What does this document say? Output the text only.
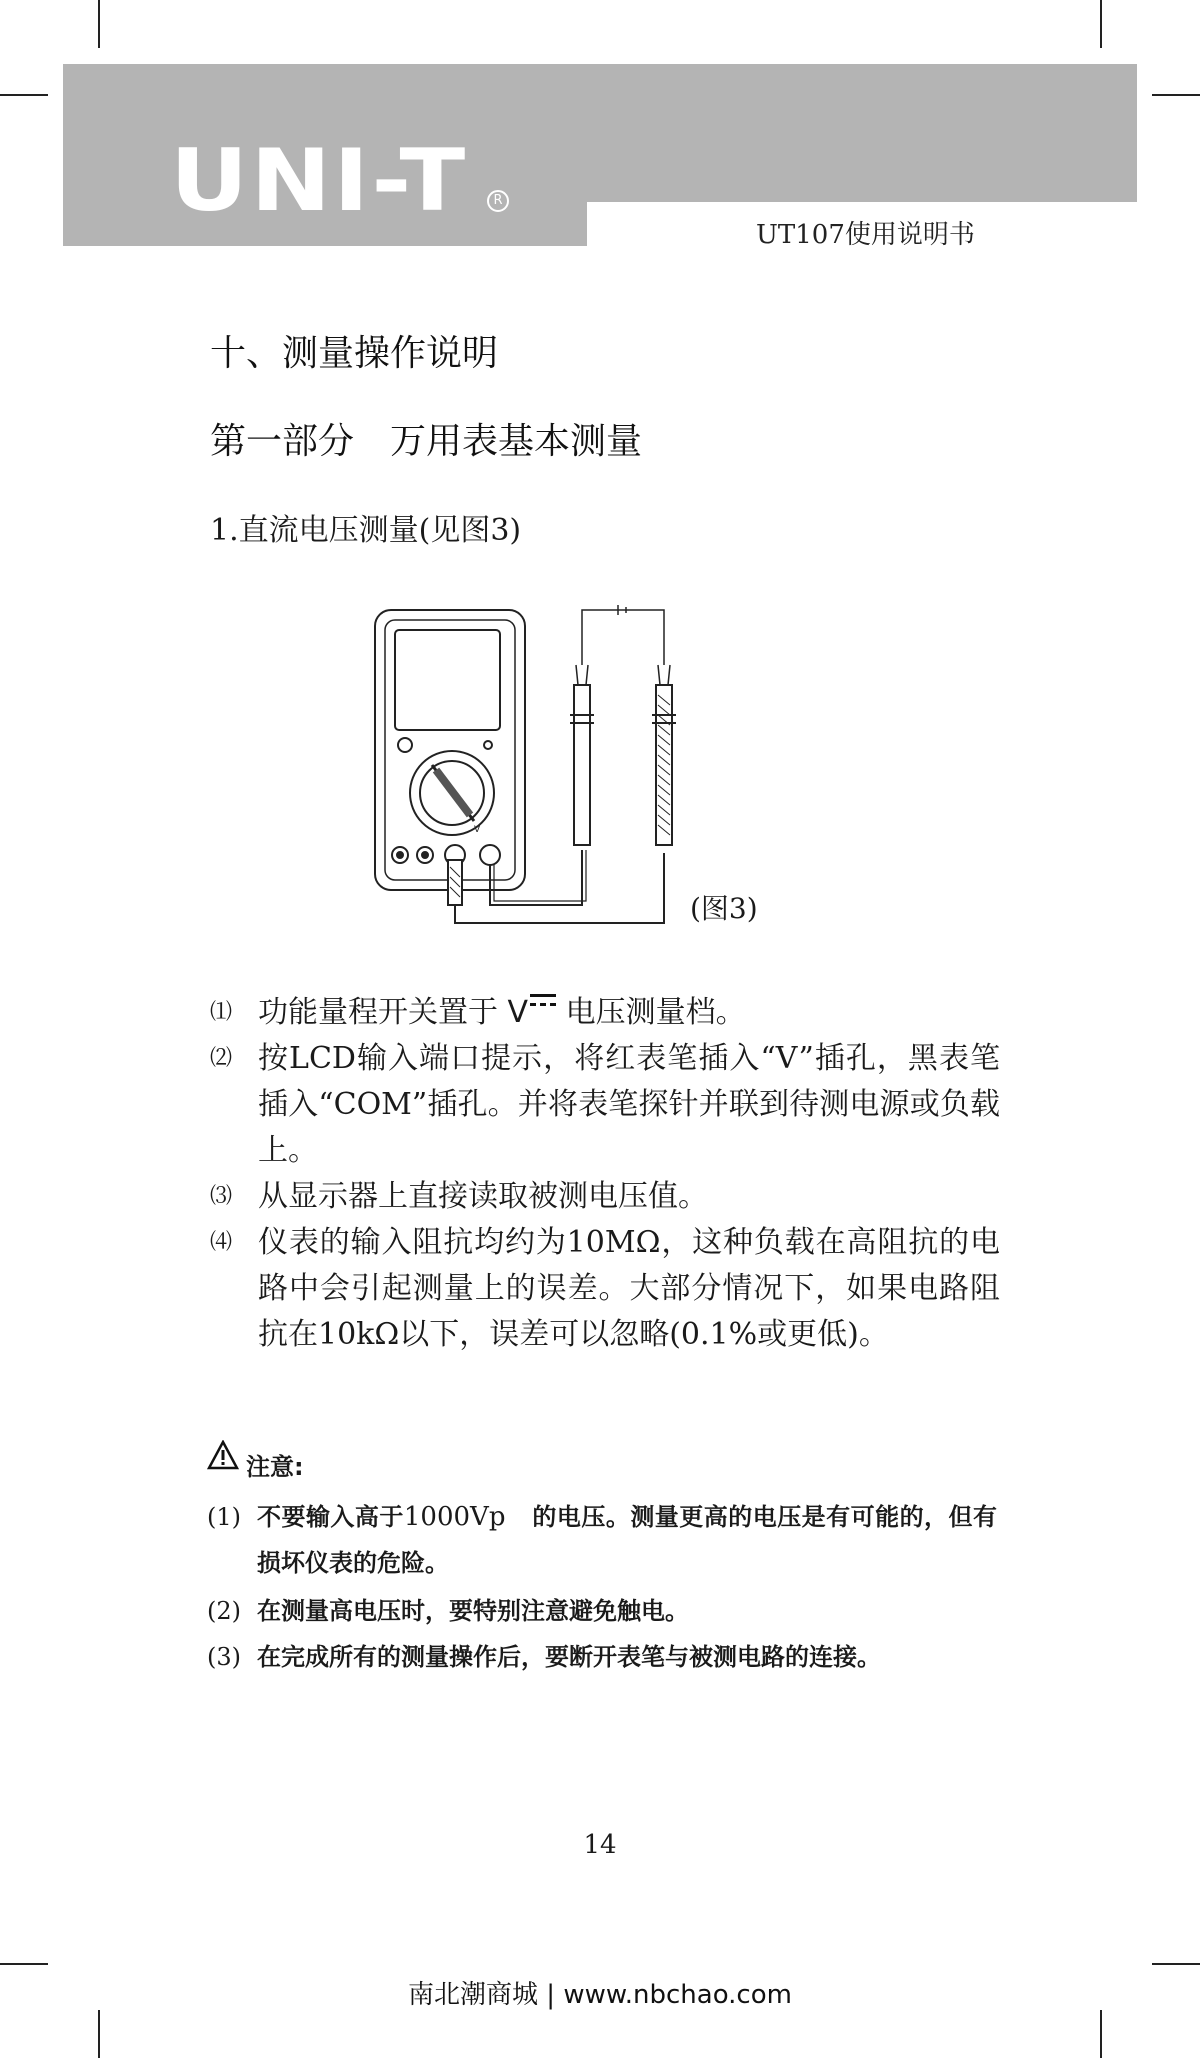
UNI-T	R
UT107使用说明书
十、测量操作说明
第一部分　万用表基本测量
1.直流电压测量(见图3)
V
(图3)
⑴ 功能量程开关置于 V 电压测量档。
⑵ 按LCD输入端口提示，将红表笔插入“V”插孔，黑表笔插入“COM”插孔。并将表笔探针并联到待测电源或负载上。
⑶ 从显示器上直接读取被测电压值。
⑷ 仪表的输入阻抗均约为10MΩ，这种负载在高阻抗的电路中会引起测量上的误差。大部分情况下，如果电路阻抗在10kΩ以下，误差可以忽略(0.1%或更低)。
注意:
(1) 不要输入高于1000Vp　的电压。测量更高的电压是有可能的，但有损坏仪表的危险。
(2) 在测量高电压时，要特别注意避免触电。
(3) 在完成所有的测量操作后，要断开表笔与被测电路的连接。
14
南北潮商城 | www.nbchao.com
